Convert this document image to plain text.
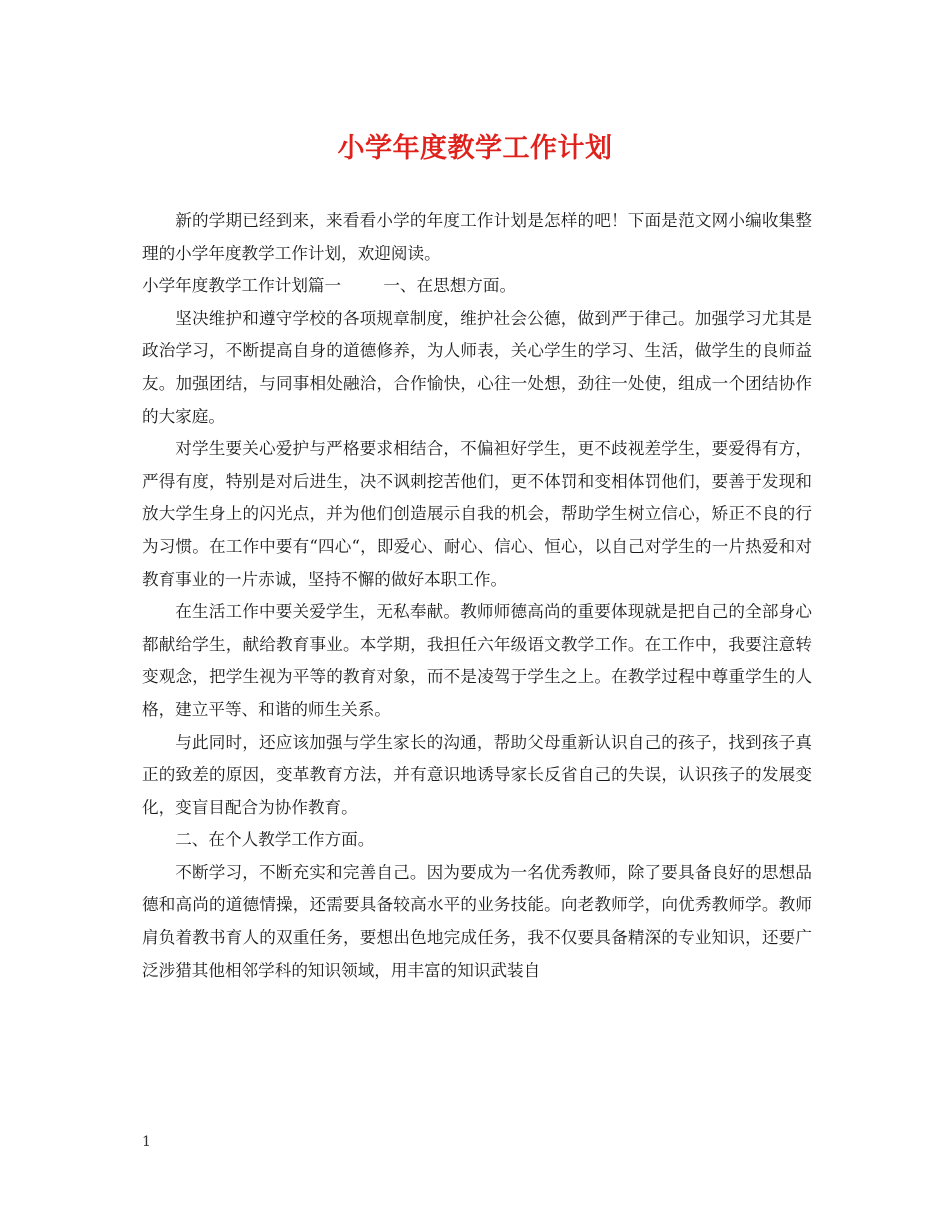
小学年度教学工作计划

新的学期已经到来，来看看小学的年度工作计划是怎样的吧！下面是范文网小编收集整理的小学年度教学工作计划，欢迎阅读。

小学年度教学工作计划篇一        一、在思想方面。

坚决维护和遵守学校的各项规章制度，维护社会公德，做到严于律己。加强学习尤其是政治学习，不断提高自身的道德修养，为人师表，关心学生的学习、生活，做学生的良师益友。加强团结，与同事相处融洽，合作愉快，心往一处想，劲往一处使，组成一个团结协作的大家庭。

对学生要关心爱护与严格要求相结合，不偏袒好学生，更不歧视差学生，要爱得有方，严得有度，特别是对后进生，决不讽刺挖苦他们，更不体罚和变相体罚他们，要善于发现和放大学生身上的闪光点，并为他们创造展示自我的机会，帮助学生树立信心，矫正不良的行为习惯。在工作中要有“四心“，即爱心、耐心、信心、恒心，以自己对学生的一片热爱和对教育事业的一片赤诚，坚持不懈的做好本职工作。

在生活工作中要关爱学生，无私奉献。教师师德高尚的重要体现就是把自己的全部身心都献给学生，献给教育事业。本学期，我担任六年级语文教学工作。在工作中，我要注意转变观念，把学生视为平等的教育对象，而不是凌驾于学生之上。在教学过程中尊重学生的人格，建立平等、和谐的师生关系。

与此同时，还应该加强与学生家长的沟通，帮助父母重新认识自己的孩子，找到孩子真正的致差的原因，变革教育方法，并有意识地诱导家长反省自己的失误，认识孩子的发展变化，变盲目配合为协作教育。

二、在个人教学工作方面。

不断学习，不断充实和完善自己。因为要成为一名优秀教师，除了要具备良好的思想品德和高尚的道德情操，还需要具备较高水平的业务技能。向老教师学，向优秀教师学。教师肩负着教书育人的双重任务，要想出色地完成任务，我不仅要具备精深的专业知识，还要广泛涉猎其他相邻学科的知识领域，用丰富的知识武装自

1
